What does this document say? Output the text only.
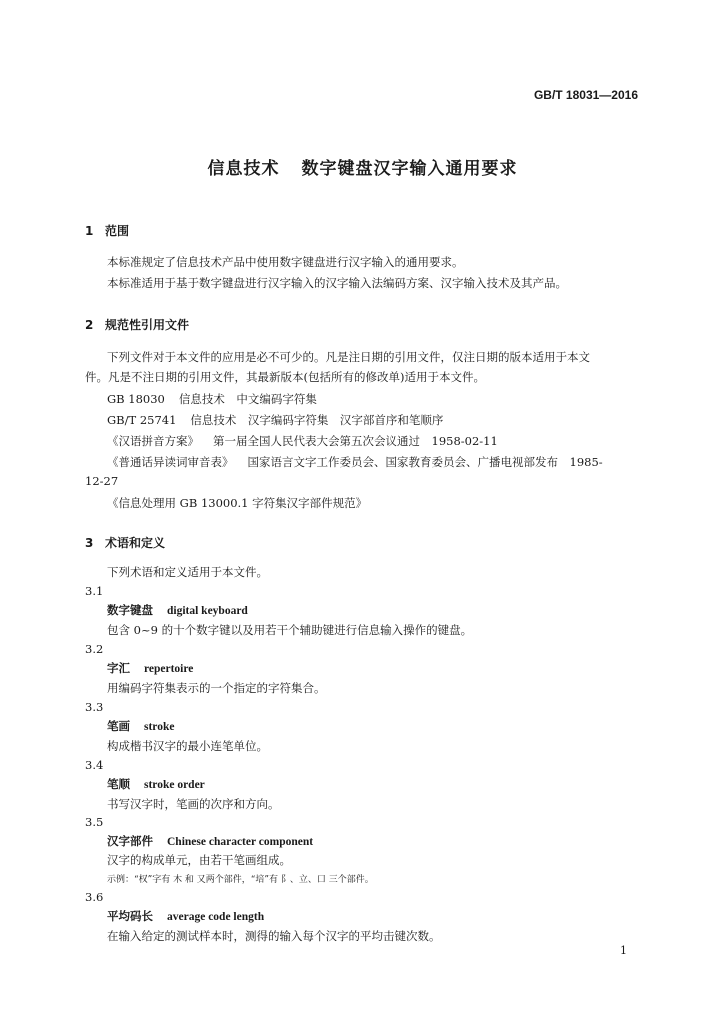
GB/T 18031—2016
信息技术 数字键盘汉字输入通用要求
1 范围
本标准规定了信息技术产品中使用数字键盘进行汉字输入的通用要求。
本标准适用于基于数字键盘进行汉字输入的汉字输入法编码方案、汉字输入技术及其产品。
2 规范性引用文件
下列文件对于本文件的应用是必不可少的。凡是注日期的引用文件，仅注日期的版本适用于本文
件。凡是不注日期的引用文件，其最新版本(包括所有的修改单)适用于本文件。
GB 18030 信息技术　中文编码字符集
GB/T 25741 信息技术　汉字编码字符集　汉字部首序和笔顺序
《汉语拼音方案》 第一届全国人民代表大会第五次会议通过　1958-02-11
《普通话异读词审音表》 国家语言文字工作委员会、国家教育委员会、广播电视部发布　1985-
12-27
《信息处理用 GB 13000.1 字符集汉字部件规范》
3 术语和定义
下列术语和定义适用于本文件。
3.1
数字键盘 digital keyboard
包含 0~9 的十个数字键以及用若干个辅助键进行信息输入操作的键盘。
3.2
字汇 repertoire
用编码字符集表示的一个指定的字符集合。
3.3
笔画 stroke
构成楷书汉字的最小连笔单位。
3.4
笔顺 stroke order
书写汉字时，笔画的次序和方向。
3.5
汉字部件 Chinese character component
汉字的构成单元，由若干笔画组成。
示例：“权”字有 木 和 又两个部件，“培”有 阝、立、口 三个部件。
3.6
平均码长 average code length
在输入给定的测试样本时，测得的输入每个汉字的平均击键次数。
1
